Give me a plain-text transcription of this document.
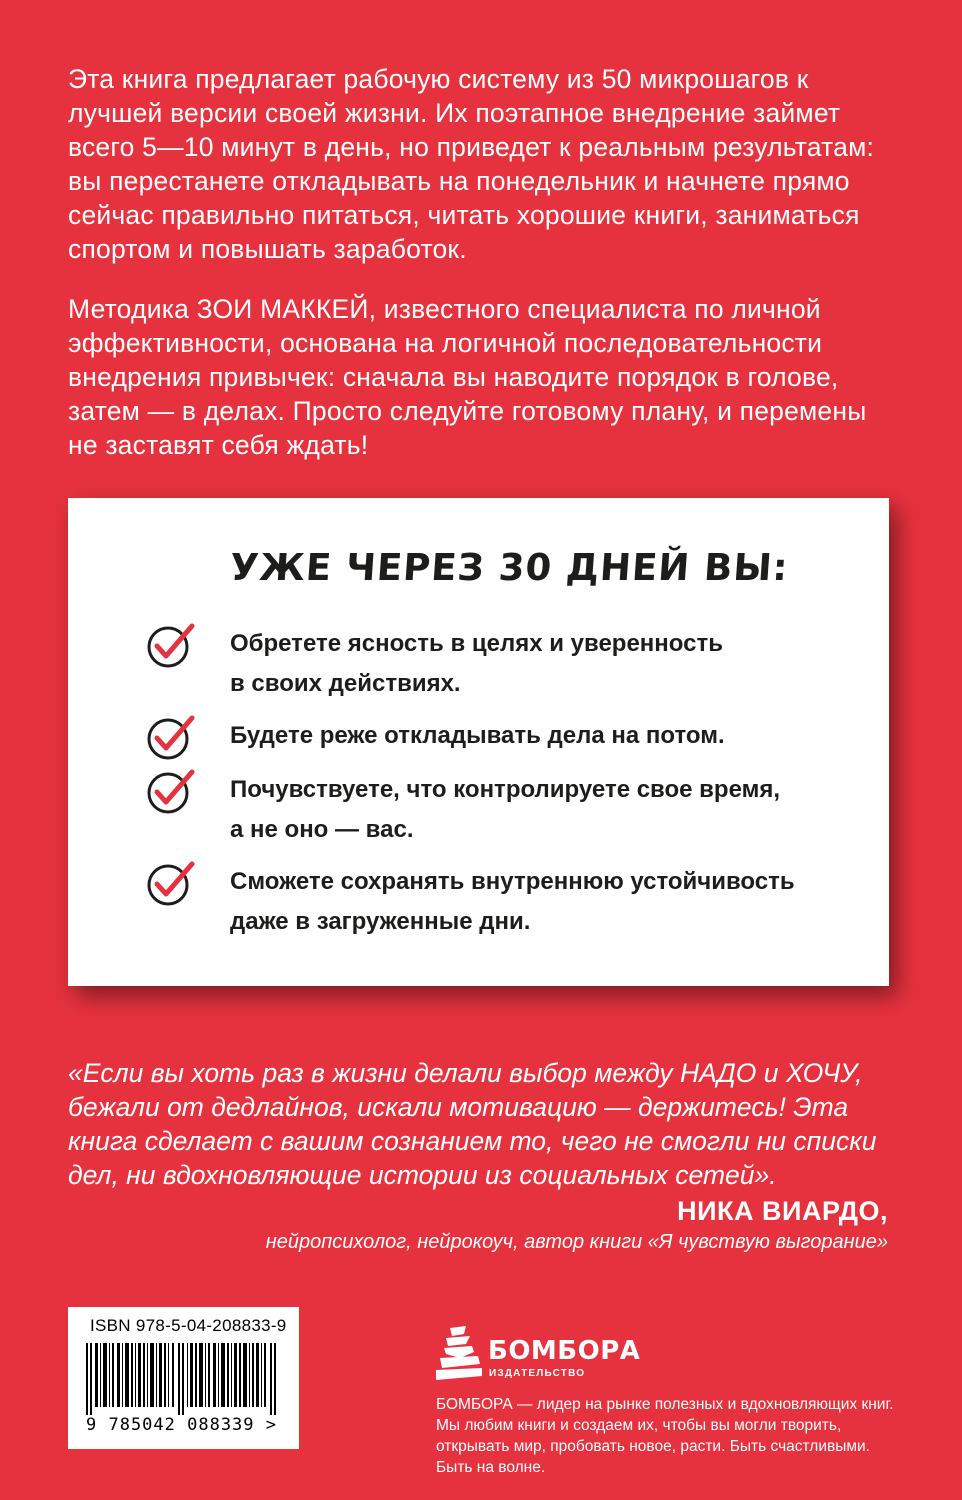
Эта книга предлагает рабочую систему из 50 микрошагов к лучшей версии своей жизни. Их поэтапное внедрение займет всего 5—10 минут в день, но приведет к реальным результатам: вы перестанете откладывать на понедельник и начнете прямо сейчас правильно питаться, читать хорошие книги, заниматься спортом и повышать заработок.

Методика ЗОИ МАККЕЙ, известного специалиста по личной эффективности, основана на логичной последовательности внедрения привычек: сначала вы наводите порядок в голове, затем — в делах. Просто следуйте готовому плану, и перемены не заставят себя ждать!

УЖЕ ЧЕРЕЗ 30 ДНЕЙ ВЫ:
Обретете ясность в целях и уверенность
в своих действиях.
Будете реже откладывать дела на потом.
Почувствуете, что контролируете свое время,
а не оно — вас.
Сможете сохранять внутреннюю устойчивость
даже в загруженные дни.
«Если вы хоть раз в жизни делали выбор между НАДО и ХОЧУ, бежали от дедлайнов, искали мотивацию — держитесь! Эта книга сделает с вашим сознанием то, чего не смогли ни списки дел, ни вдохновляющие истории из социальных сетей».
НИКА ВИАРДО,
нейропсихолог, нейрокоуч, автор книги «Я чувствую выгорание»
ISBN 978-5-04-208833-9
9 785042 088339 >
БОМБОРА
ИЗДАТЕЛЬСТВО
БОМБОРА — лидер на рынке полезных и вдохновляющих книг. Мы любим книги и создаем их, чтобы вы могли творить, открывать мир, пробовать новое, расти. Быть счастливыми. Быть на волне.
